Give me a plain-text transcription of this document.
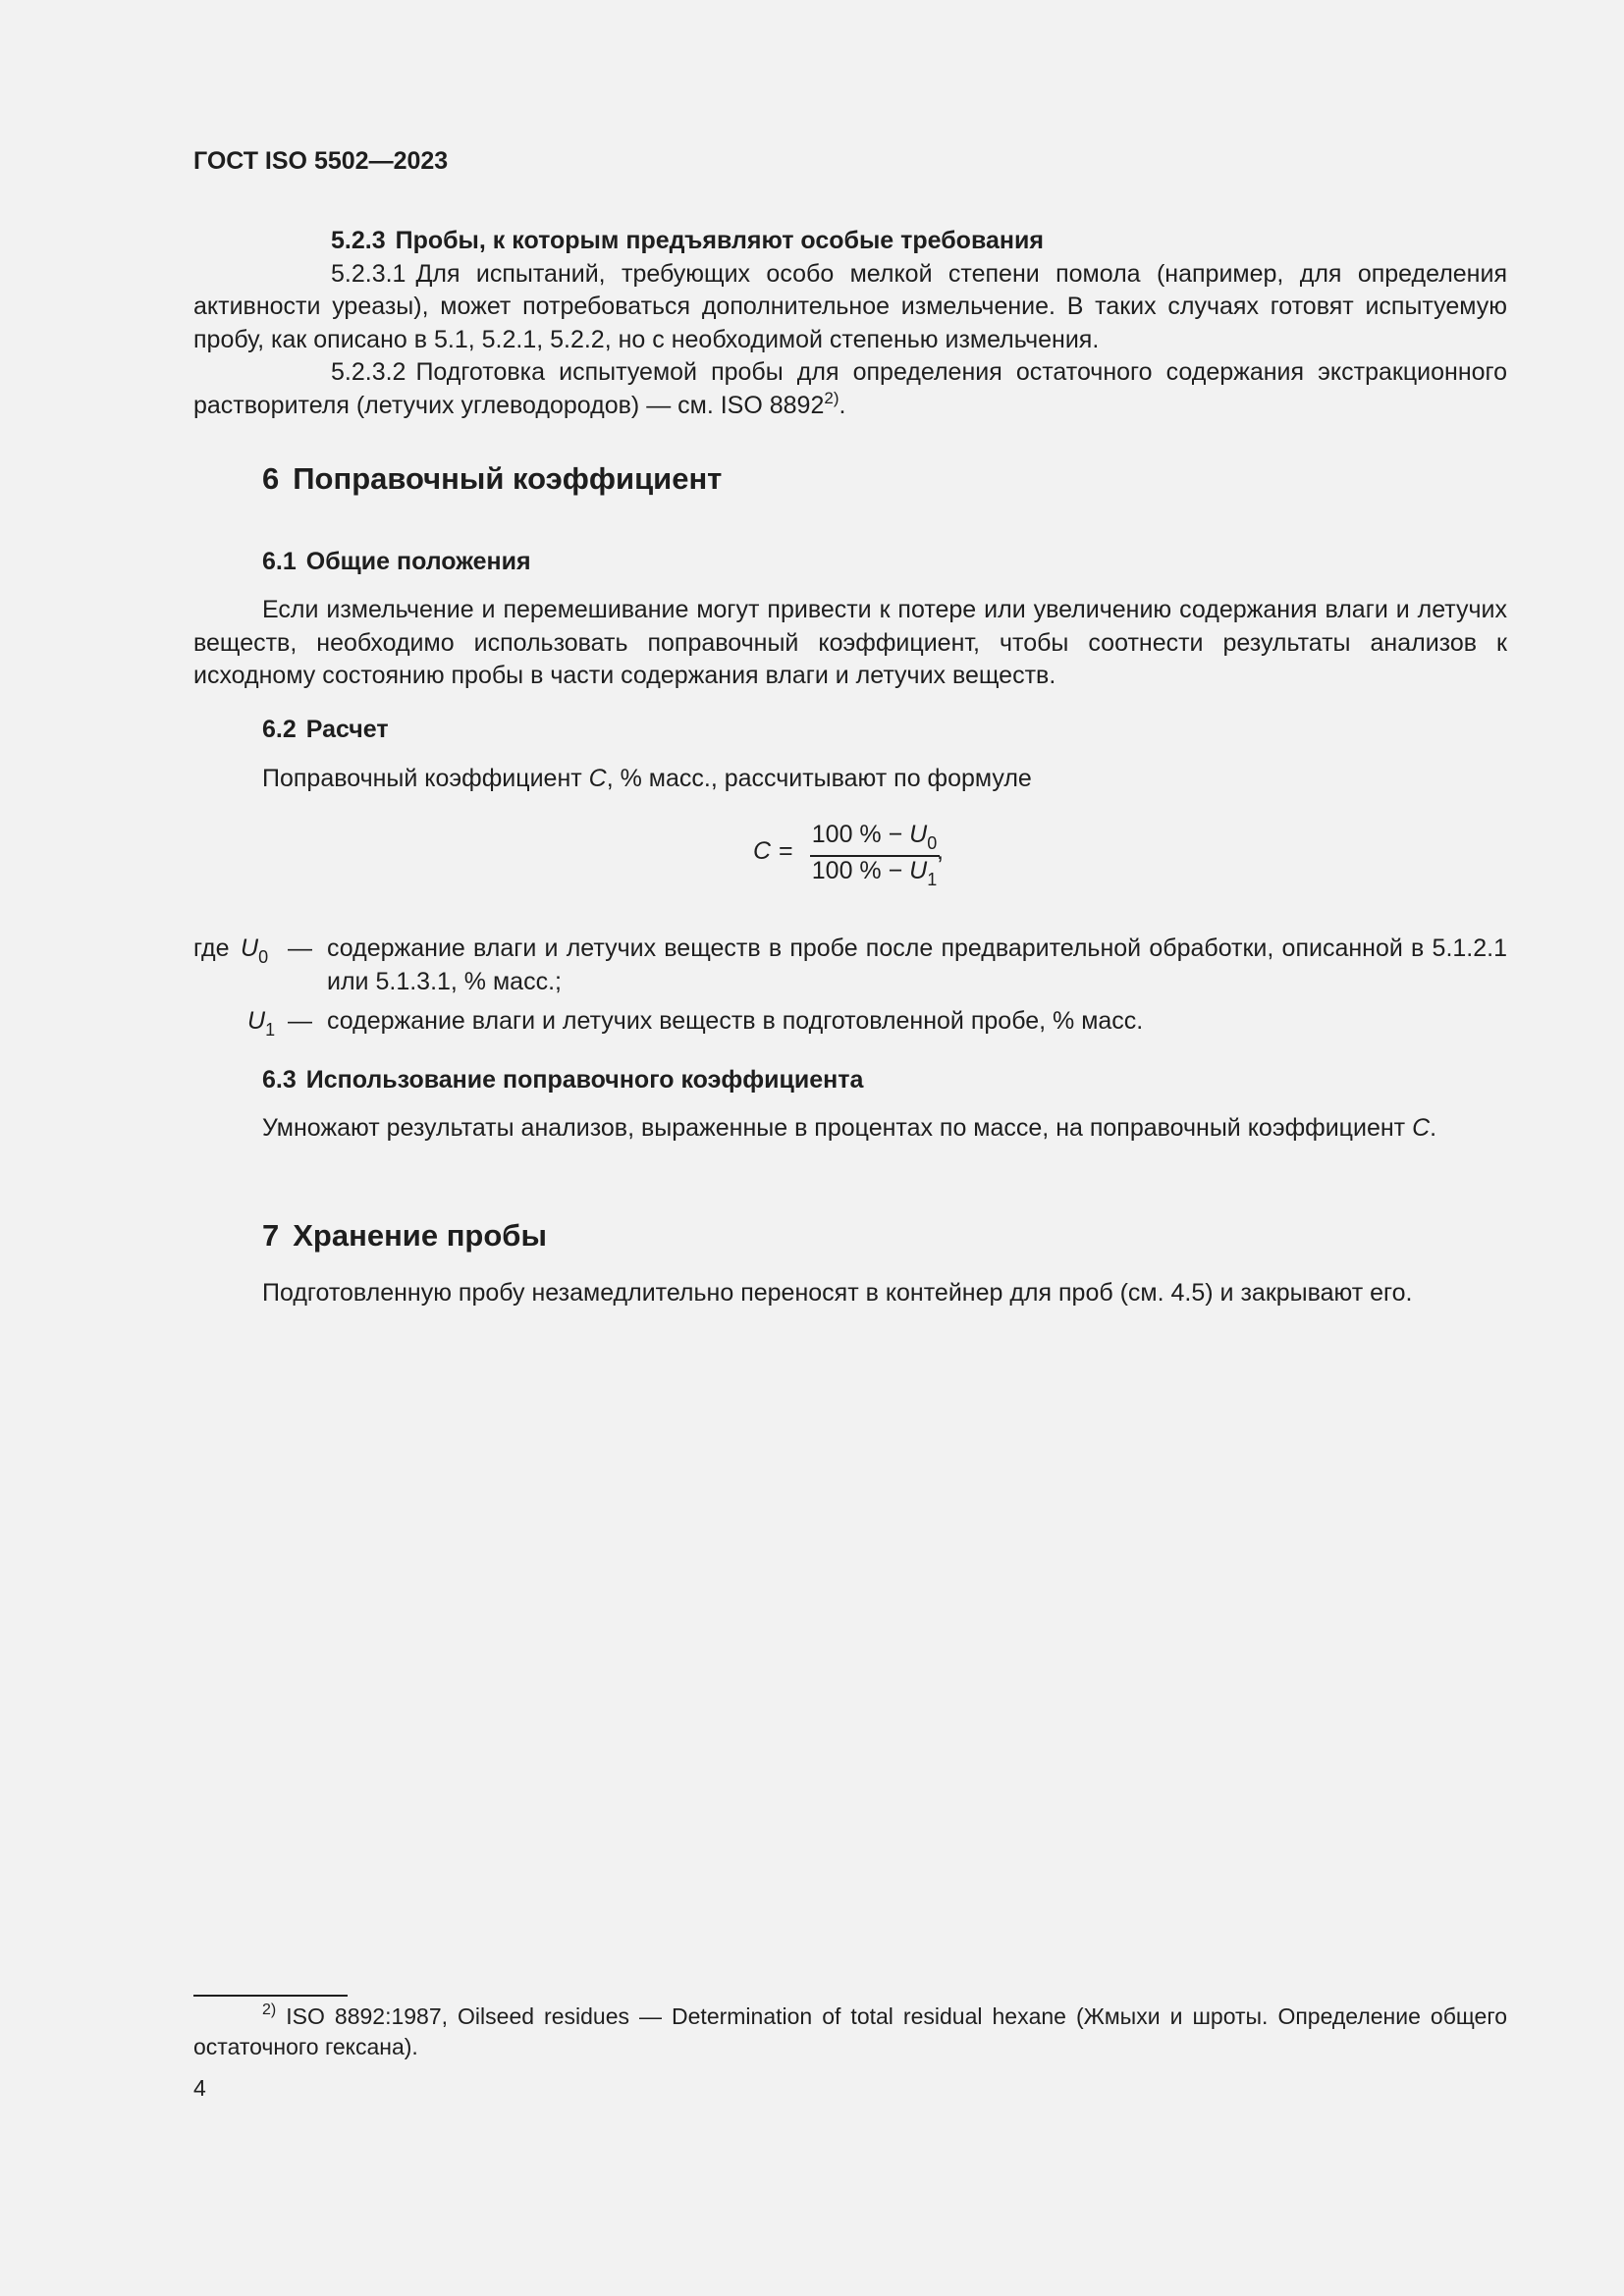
ГОСТ ISO 5502—2023

5.2.3 Пробы, к которым предъявляют особые требования

5.2.3.1 Для испытаний, требующих особо мелкой степени помола (например, для определения активности уреазы), может потребоваться дополнительное измельчение. В таких случаях готовят испытуемую пробу, как описано в 5.1, 5.2.1, 5.2.2, но с необходимой степенью измельчения.

5.2.3.2 Подготовка испытуемой пробы для определения остаточного содержания экстракционного растворителя (летучих углеводородов) — см. ISO 8892$^{2)}$.

6 Поправочный коэффициент
6.1 Общие положения

Если измельчение и перемешивание могут привести к потере или увеличению содержания влаги и летучих веществ, необходимо использовать поправочный коэффициент, чтобы соотнести результаты анализов к исходному состоянию пробы в части содержания влаги и летучих веществ.

6.2 Расчет

Поправочный коэффициент C, % масс., рассчитывают по формуле

C =
100 % − $U_0$
100 % − $U_1$
,
где $U_0$ — содержание влаги и летучих веществ в пробе после предварительной обработки, описанной в 5.1.2.1 или 5.1.3.1, % масс.;
$U_1$ — содержание влаги и летучих веществ в подготовленной пробе, % масс.
6.3 Использование поправочного коэффициента

Умножают результаты анализов, выраженные в процентах по массе, на поправочный коэффициент C.

7 Хранение пробы

Подготовленную пробу незамедлительно переносят в контейнер для проб (см. 4.5) и закрывают его.

$^{2)}$ ISO 8892:1987, Oilseed residues — Determination of total residual hexane (Жмыхи и шроты. Определение общего остаточного гексана).
4
